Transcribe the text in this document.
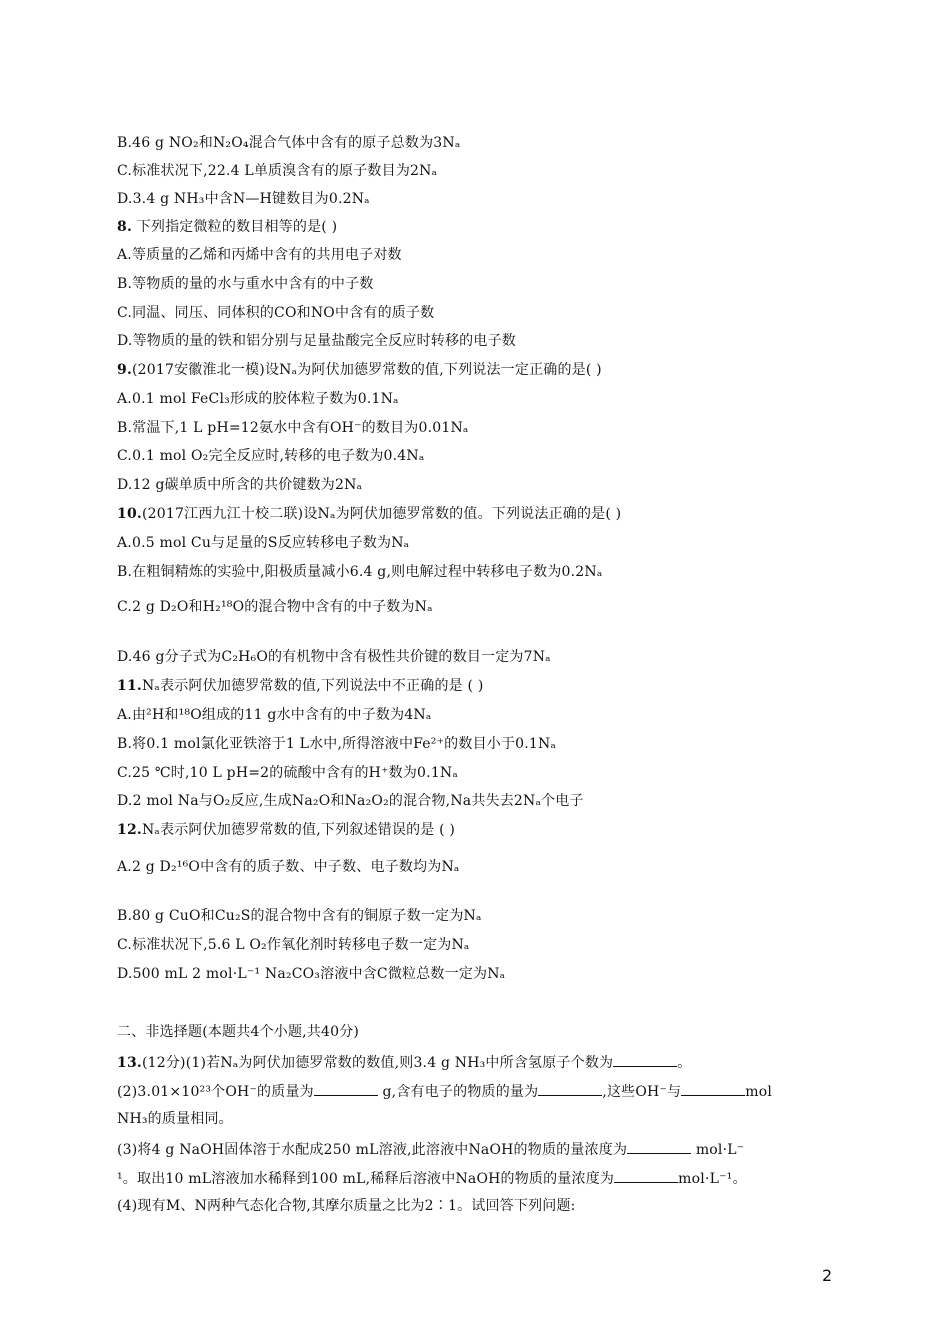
B.46 g NO₂和N₂O₄混合气体中含有的原子总数为3Nₐ
C.标准状况下,22.4 L单质溴含有的原子数目为2Nₐ
D.3.4 g NH₃中含N—H键数目为0.2Nₐ
8. 下列指定微粒的数目相等的是( )
A.等质量的乙烯和丙烯中含有的共用电子对数
B.等物质的量的水与重水中含有的中子数
C.同温、同压、同体积的CO和NO中含有的质子数
D.等物质的量的铁和铝分别与足量盐酸完全反应时转移的电子数
9.(2017安徽淮北一模)设Nₐ为阿伏加德罗常数的值,下列说法一定正确的是( )
A.0.1 mol FeCl₃形成的胶体粒子数为0.1Nₐ
B.常温下,1 L pH=12氨水中含有OH⁻的数目为0.01Nₐ
C.0.1 mol O₂完全反应时,转移的电子数为0.4Nₐ
D.12 g碳单质中所含的共价键数为2Nₐ
10.(2017江西九江十校二联)设Nₐ为阿伏加德罗常数的值。下列说法正确的是( )
A.0.5 mol Cu与足量的S反应转移电子数为Nₐ
B.在粗铜精炼的实验中,阳极质量减小6.4 g,则电解过程中转移电子数为0.2Nₐ
C.2 g D₂O和H₂¹⁸O的混合物中含有的中子数为Nₐ
D.46 g分子式为C₂H₆O的有机物中含有极性共价键的数目一定为7Nₐ
11.Nₐ表示阿伏加德罗常数的值,下列说法中不正确的是 ( )
A.由²H和¹⁸O组成的11 g水中含有的中子数为4Nₐ
B.将0.1 mol氯化亚铁溶于1 L水中,所得溶液中Fe²⁺的数目小于0.1Nₐ
C.25 ℃时,10 L pH=2的硫酸中含有的H⁺数为0.1Nₐ
D.2 mol Na与O₂反应,生成Na₂O和Na₂O₂的混合物,Na共失去2Nₐ个电子
12.Nₐ表示阿伏加德罗常数的值,下列叙述错误的是 ( )
A.2 g D₂¹⁶O中含有的质子数、中子数、电子数均为Nₐ
B.80 g CuO和Cu₂S的混合物中含有的铜原子数一定为Nₐ
C.标准状况下,5.6 L O₂作氧化剂时转移电子数一定为Nₐ
D.500 mL 2 mol·L⁻¹ Na₂CO₃溶液中含C微粒总数一定为Nₐ
二、非选择题(本题共4个小题,共40分)
13.(12分)(1)若Nₐ为阿伏加德罗常数的数值,则3.4 g NH₃中所含氢原子个数为	。
(2)3.01×10²³个OH⁻的质量为	g,含有电子的物质的量为	,这些OH⁻与	mol
NH₃的质量相同。
(3)将4 g NaOH固体溶于水配成250 mL溶液,此溶液中NaOH的物质的量浓度为	mol·L⁻
¹。取出10 mL溶液加水稀释到100 mL,稀释后溶液中NaOH的物质的量浓度为	mol·L⁻¹。
(4)现有M、N两种气态化合物,其摩尔质量之比为2∶1。试回答下列问题:
2
